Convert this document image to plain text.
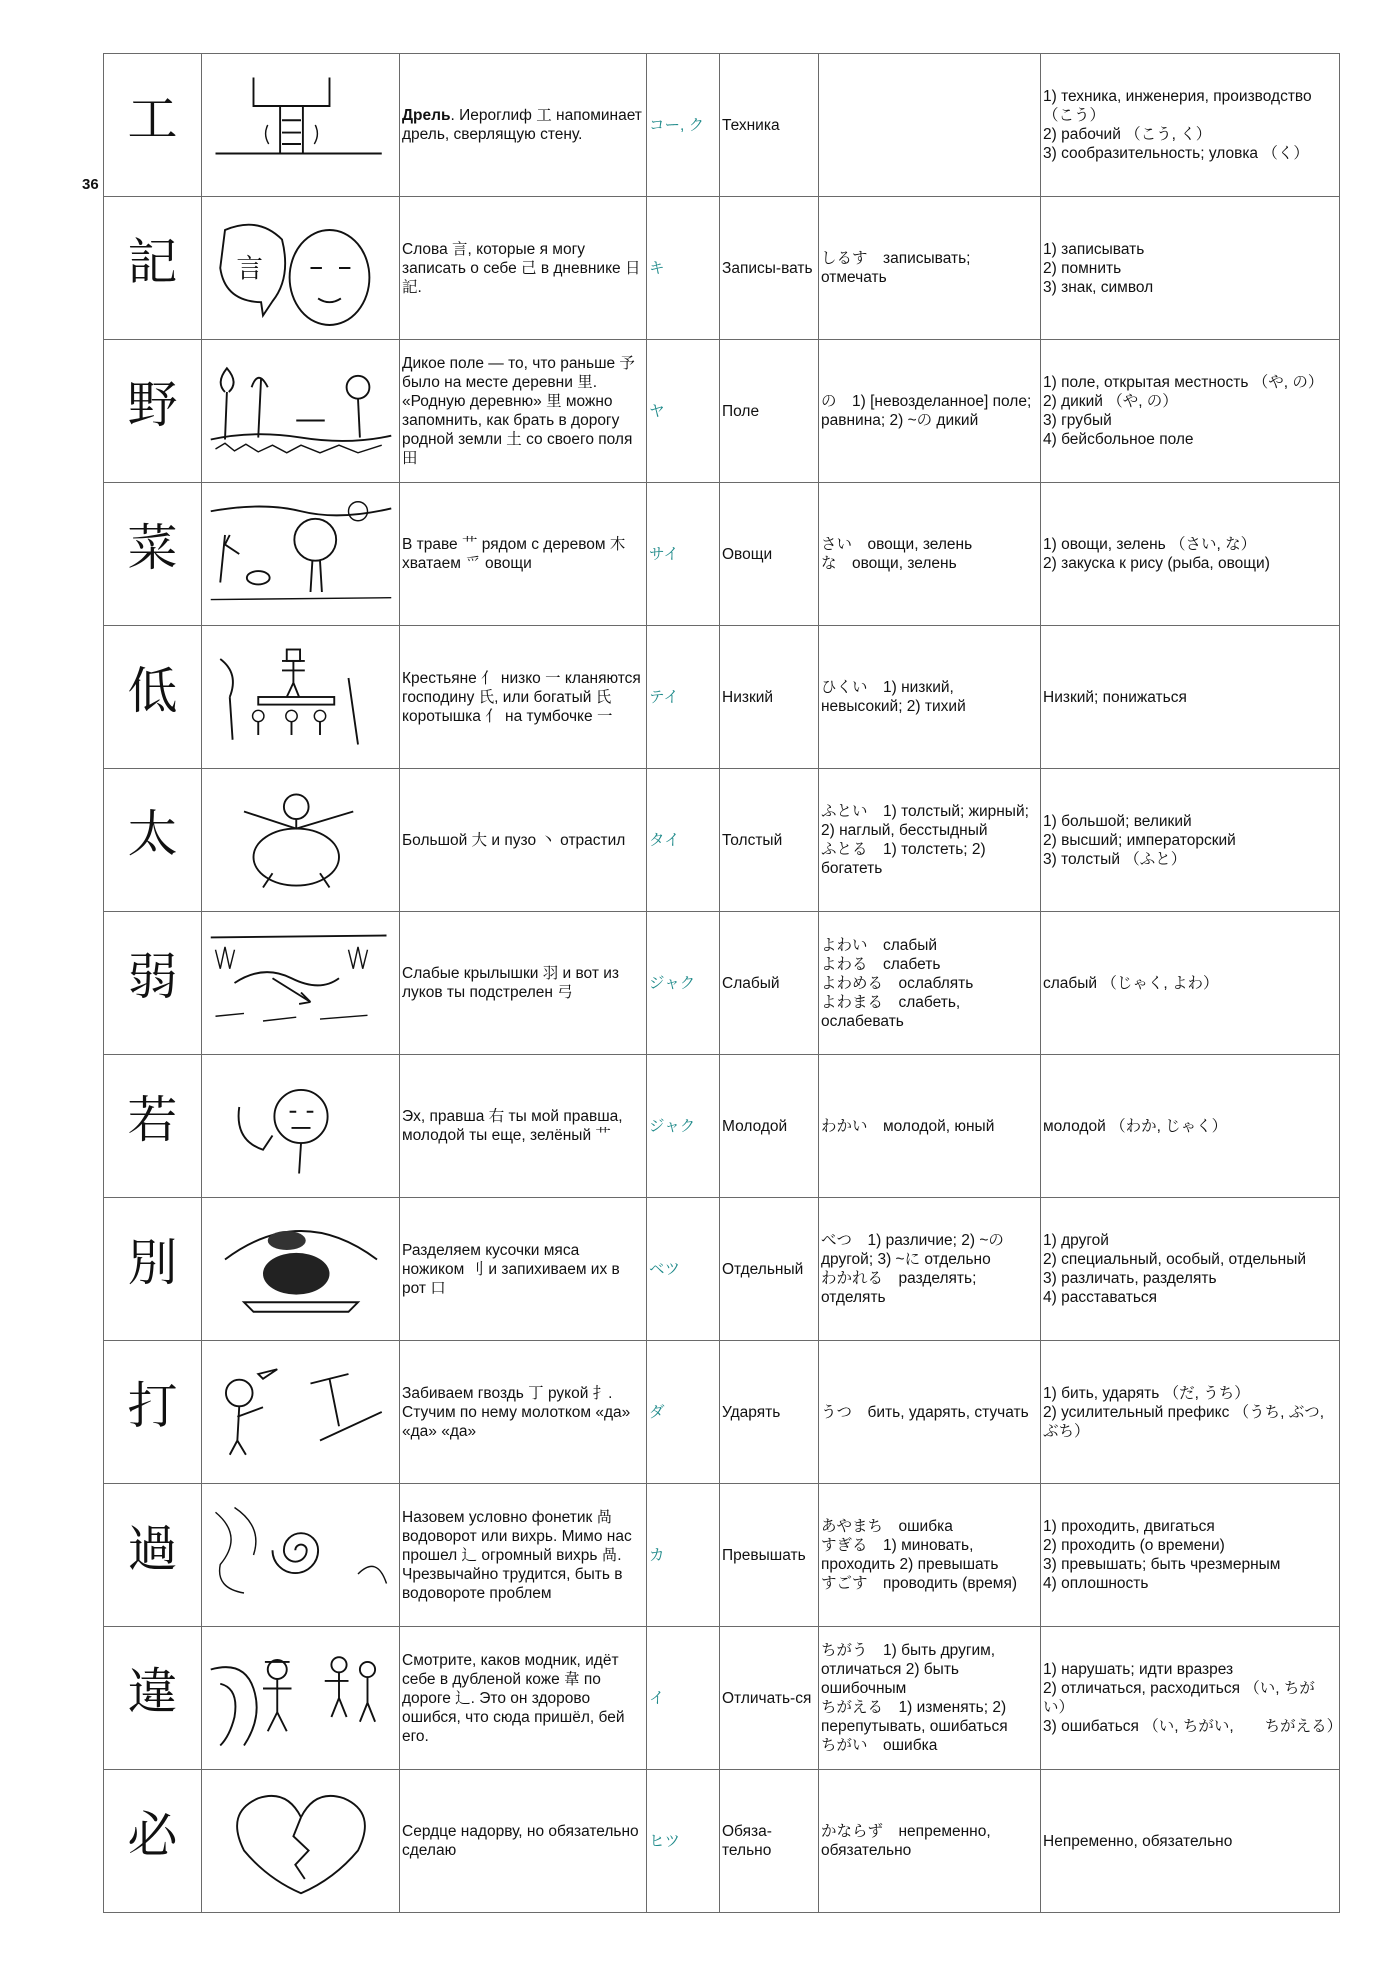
36
工		Дрель. Иероглиф 工 напоминает дрель, сверлящую стену.	コー, ク	Техника		1) техника, инженерия, производство （こう）
2) рабочий （こう, く）
3) сообразительность; уловка （く）

記	言	Слова 言, которые я могу записать о себе 己 в дневнике 日記.	キ	Записы-вать	しるす　записывать; отмечать	1) записывать
2) помнить
3) знак, символ

野		Дикое поле — то, что раньше 予 было на месте деревни 里. «Родную деревню» 里 можно запомнить, как брать в дорогу родной земли 土 со своего поля 田	ヤ	Поле	の　1) [невозделанное] поле; равнина; 2) ~の дикий	1) поле, открытая местность （や, の）
2) дикий （や, の）
3) грубый
4) бейсбольное поле

菜		В траве 艹 рядом с деревом 木 хватаем 爫 овощи	サイ	Овощи	さい　овощи, зелень
な　овощи, зелень	1) овощи, зелень （さい, な）
2) закуска к рису (рыба, овощи)

低		Крестьяне 亻 низко 一 кланяются господину 氏, или богатый 氏 коротышка 亻 на тумбочке 一	テイ	Низкий	ひくい　1) низкий, невысокий; 2) тихий	Низкий; понижаться

太		Большой 大 и пузо 丶 отрастил	タイ	Толстый	ふとい　1) толстый; жирный; 2) наглый, бесстыдный
ふとる　1) толстеть; 2) богатеть	1) большой; великий
2) высший; императорский
3) толстый （ふと）

弱		Слабые крылышки 羽 и вот из луков ты подстрелен 弓	ジャク	Слабый	よわい　слабый
よわる　слабеть
よわめる　ослаблять
よわまる　слабеть, ослабевать	слабый （じゃく, よわ）

若		Эх, правша 右 ты мой правша, молодой ты еще, зелёный 艹	ジャク	Молодой	わかい　молодой, юный	молодой （わか, じゃく）

別		Разделяем кусочки мяса ножиком 刂 и запихиваем их в рот 口	ベツ	Отдельный	べつ　1) различие; 2) ~の другой; 3) ~に отдельно
わかれる　разделять; отделять	1) другой
2) специальный, особый, отдельный
3) различать, разделять
4) расставаться

打		Забиваем гвоздь 丁 рукой 扌. Стучим по нему молотком «да» «да» «да»	ダ	Ударять	うつ　бить, ударять, стучать	1) бить, ударять （だ, うち）
2) усилительный префикс （うち, ぶつ, ぶち）

過		Назовем условно фонетик 咼 водоворот или вихрь. Мимо нас прошел 辶 огромный вихрь 咼. Чрезвычайно трудится, быть в водовороте проблем	カ	Превышать	あやまち　ошибка
すぎる　1) миновать, проходить 2) превышать
すごす　проводить (время)	1) проходить, двигаться
2) проходить (о времени)
3) превышать; быть чрезмерным
4) оплошность

違		Смотрите, каков модник, идёт себе в дубленой коже 韋 по дороге 辶. Это он здорово ошибся, что сюда пришёл, бей его.	イ	Отличать-ся	ちがう　1) быть другим, отличаться 2) быть ошибочным
ちがえる　1) изменять; 2) перепутывать, ошибаться
ちがい　ошибка	1) нарушать; идти вразрез
2) отличаться, расходиться （い, ちがい）
3) ошибаться （い, ちがい,　　ちがえる）

必		Сердце надорву, но обязательно сделаю	ヒツ	Обяза-тельно	かならず　непременно, обязательно	Непременно, обязательно
